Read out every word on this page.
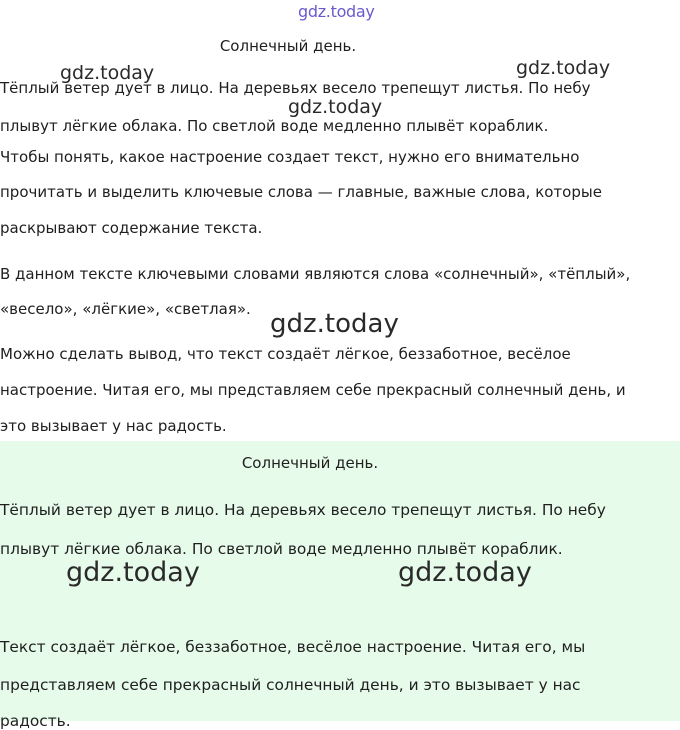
gdz.today
Солнечный день.
Тёплый ветер дует в лицо. На деревьях весело трепещут листья. По небу
плывут лёгкие облака. По светлой воде медленно плывёт кораблик.
Чтобы понять, какое настроение создает текст, нужно его внимательно
прочитать и выделить ключевые слова — главные, важные слова, которые
раскрывают содержание текста.
В данном тексте ключевыми словами являются слова «солнечный», «тёплый»,
«весело», «лёгкие», «светлая».
Можно сделать вывод, что текст создаёт лёгкое, беззаботное, весёлое
настроение. Читая его, мы представляем себе прекрасный солнечный день, и
это вызывает у нас радость.
Солнечный день.
Тёплый ветер дует в лицо. На деревьях весело трепещут листья. По небу
плывут лёгкие облака. По светлой воде медленно плывёт кораблик.
Текст создаёт лёгкое, беззаботное, весёлое настроение. Читая его, мы
представляем себе прекрасный солнечный день, и это вызывает у нас
радость.
gdz.today	gdz.today
gdz.today
gdz.today
gdz.today	gdz.today
